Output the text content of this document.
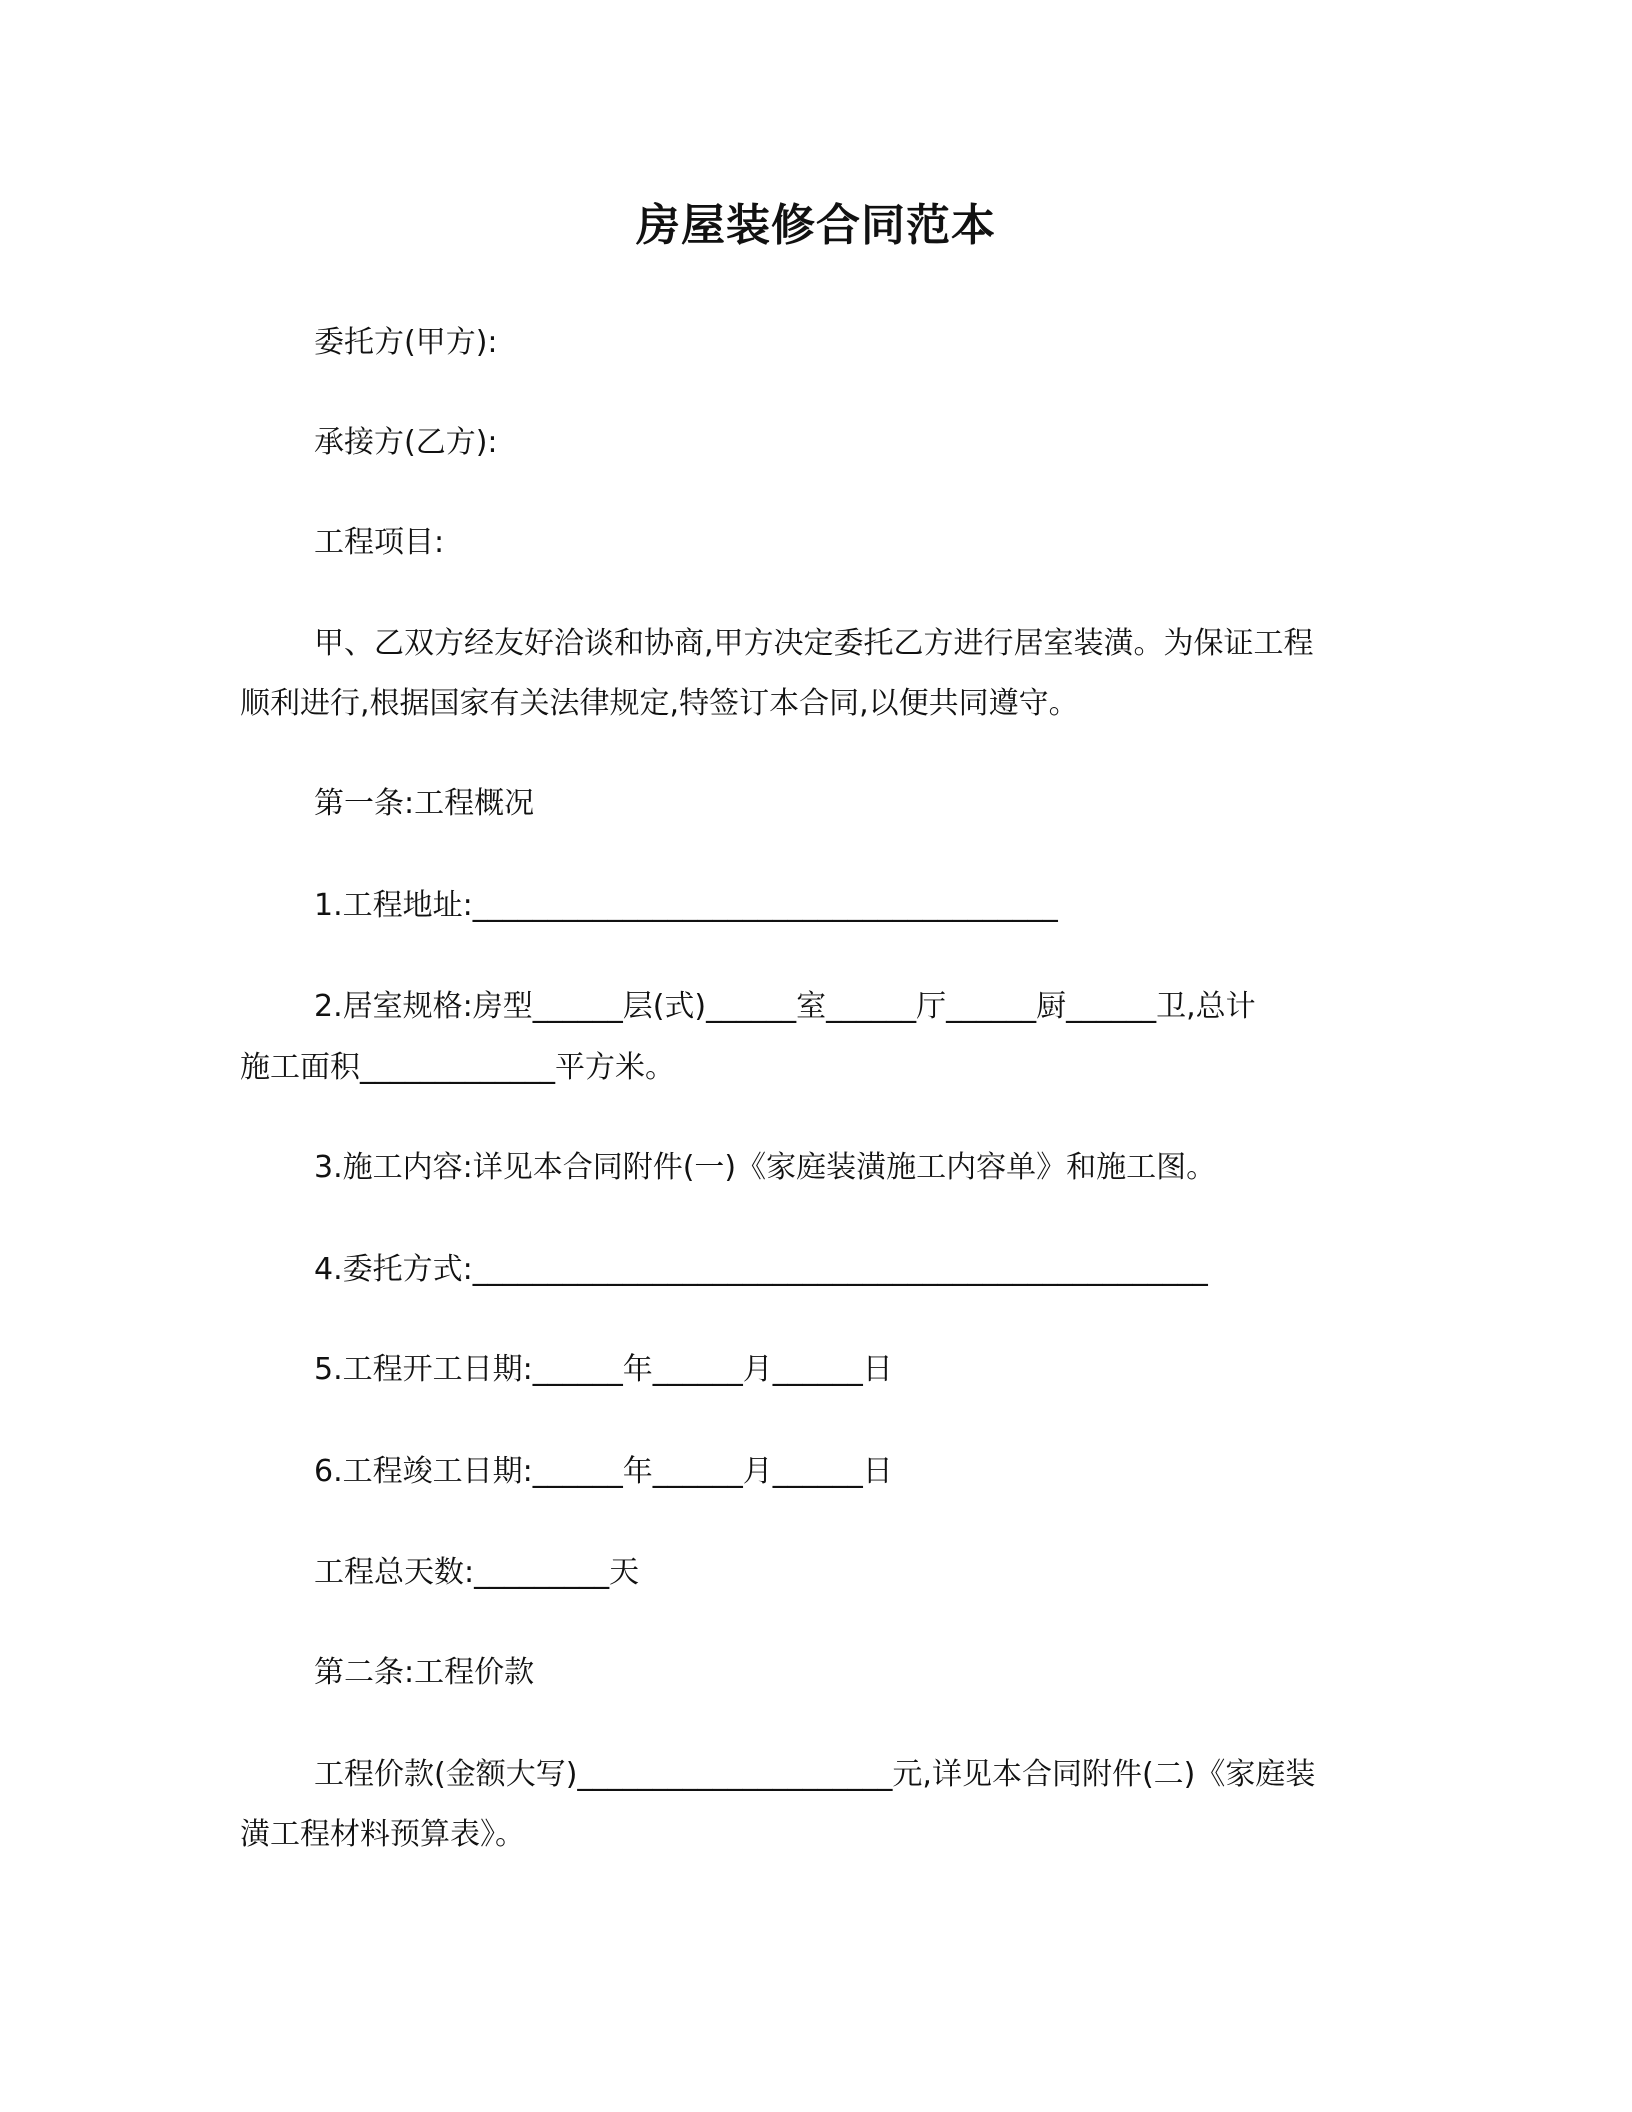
房屋装修合同范本
委托方(甲方):
承接方(乙方):
工程项目:
甲、乙双方经友好洽谈和协商,甲方决定委托乙方进行居室装潢。为保证工程
顺利进行,根据国家有关法律规定,特签订本合同,以便共同遵守。
第一条:工程概况
1.工程地址:_______________________________________
2.居室规格:房型______层(式)______室______厅______厨______卫,总计
施工面积_____________平方米。
3.施工内容:详见本合同附件(一)《家庭装潢施工内容单》和施工图。
4.委托方式:_________________________________________________
5.工程开工日期:______年______月______日
6.工程竣工日期:______年______月______日
工程总天数:_________天
第二条:工程价款
工程价款(金额大写)_____________________元,详见本合同附件(二)《家庭装
潢工程材料预算表》。
